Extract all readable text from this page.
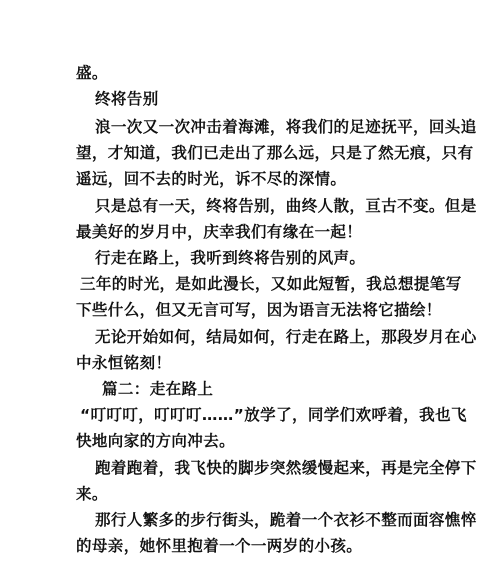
盛。
终将告别
浪一次又一次冲击着海滩，将我们的足迹抚平，回头追
望，才知道，我们已走出了那么远，只是了然无痕，只有
遥远，回不去的时光，诉不尽的深情。
只是总有一天，终将告别，曲终人散，亘古不变。但是
最美好的岁月中，庆幸我们有缘在一起！
行走在路上，我听到终将告别的风声。
三年的时光，是如此漫长，又如此短暂，我总想提笔写
下些什么，但又无言可写，因为语言无法将它描绘！
无论开始如何，结局如何，行走在路上，那段岁月在心
中永恒铭刻！
篇二：走在路上
“叮叮叮，叮叮叮……”放学了，同学们欢呼着，我也飞
快地向家的方向冲去。
跑着跑着，我飞快的脚步突然缓慢起来，再是完全停下
来。
那行人繁多的步行街头，跪着一个衣衫不整而面容憔悴
的母亲，她怀里抱着一个一两岁的小孩。
